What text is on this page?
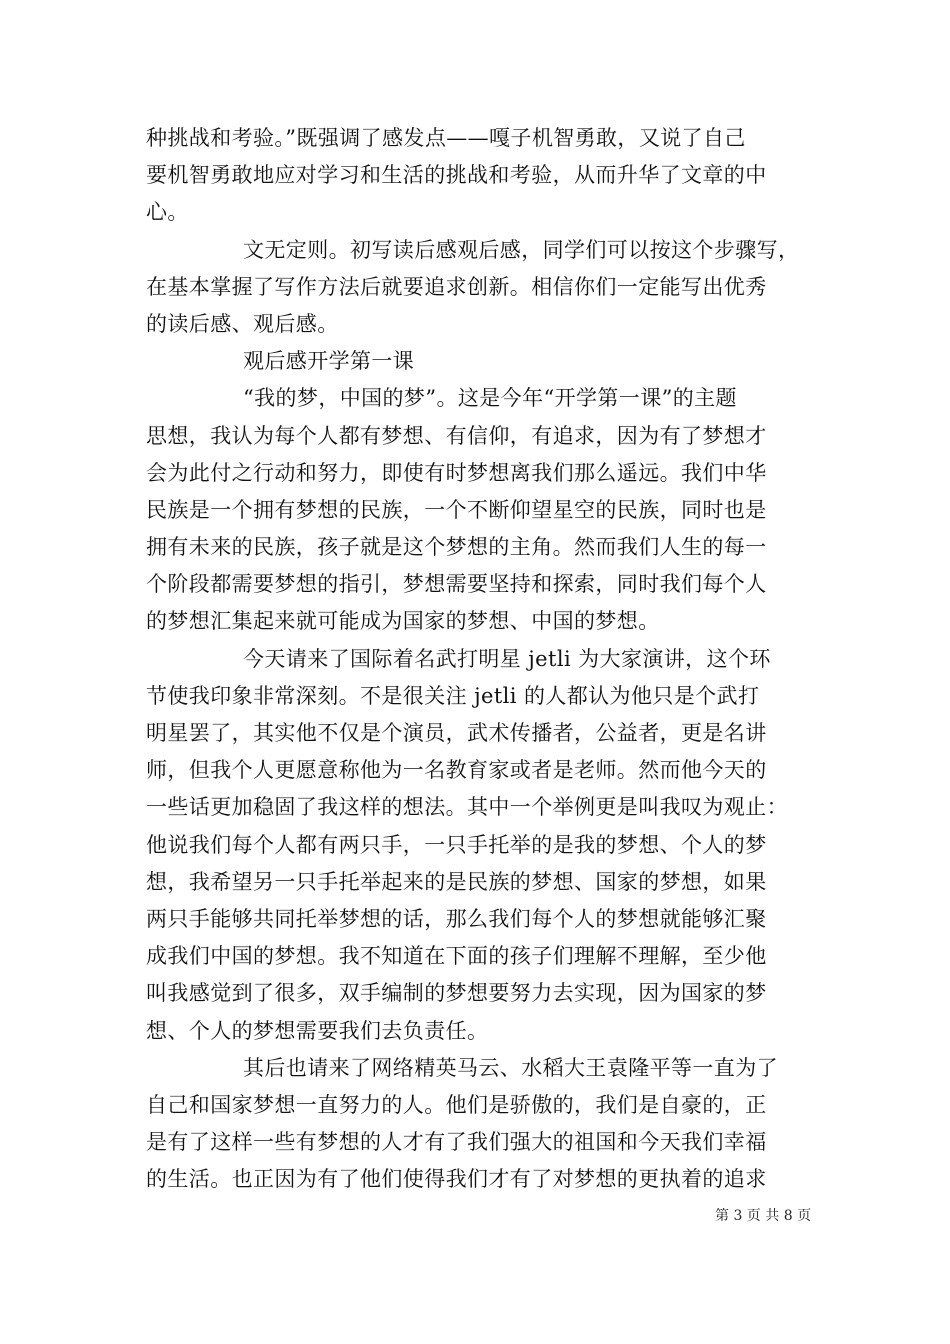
种挑战和考验。”既强调了感发点——嘎子机智勇敢，又说了自己
要机智勇敢地应对学习和生活的挑战和考验，从而升华了文章的中
心。
文无定则。初写读后感观后感，同学们可以按这个步骤写，
在基本掌握了写作方法后就要追求创新。相信你们一定能写出优秀
的读后感、观后感。
观后感开学第一课
“我的梦，中国的梦”。这是今年“开学第一课”的主题
思想，我认为每个人都有梦想、有信仰，有追求，因为有了梦想才
会为此付之行动和努力，即使有时梦想离我们那么遥远。我们中华
民族是一个拥有梦想的民族，一个不断仰望星空的民族，同时也是
拥有未来的民族，孩子就是这个梦想的主角。然而我们人生的每一
个阶段都需要梦想的指引，梦想需要坚持和探索，同时我们每个人
的梦想汇集起来就可能成为国家的梦想、中国的梦想。
今天请来了国际着名武打明星 jetli 为大家演讲，这个环
节使我印象非常深刻。不是很关注 jetli 的人都认为他只是个武打
明星罢了，其实他不仅是个演员，武术传播者，公益者，更是名讲
师，但我个人更愿意称他为一名教育家或者是老师。然而他今天的
一些话更加稳固了我这样的想法。其中一个举例更是叫我叹为观止：
他说我们每个人都有两只手，一只手托举的是我的梦想、个人的梦
想，我希望另一只手托举起来的是民族的梦想、国家的梦想，如果
两只手能够共同托举梦想的话，那么我们每个人的梦想就能够汇聚
成我们中国的梦想。我不知道在下面的孩子们理解不理解，至少他
叫我感觉到了很多，双手编制的梦想要努力去实现，因为国家的梦
想、个人的梦想需要我们去负责任。
其后也请来了网络精英马云、水稻大王袁隆平等一直为了
自己和国家梦想一直努力的人。他们是骄傲的，我们是自豪的，正
是有了这样一些有梦想的人才有了我们强大的祖国和今天我们幸福
的生活。也正因为有了他们使得我们才有了对梦想的更执着的追求
第 3 页 共 8 页
